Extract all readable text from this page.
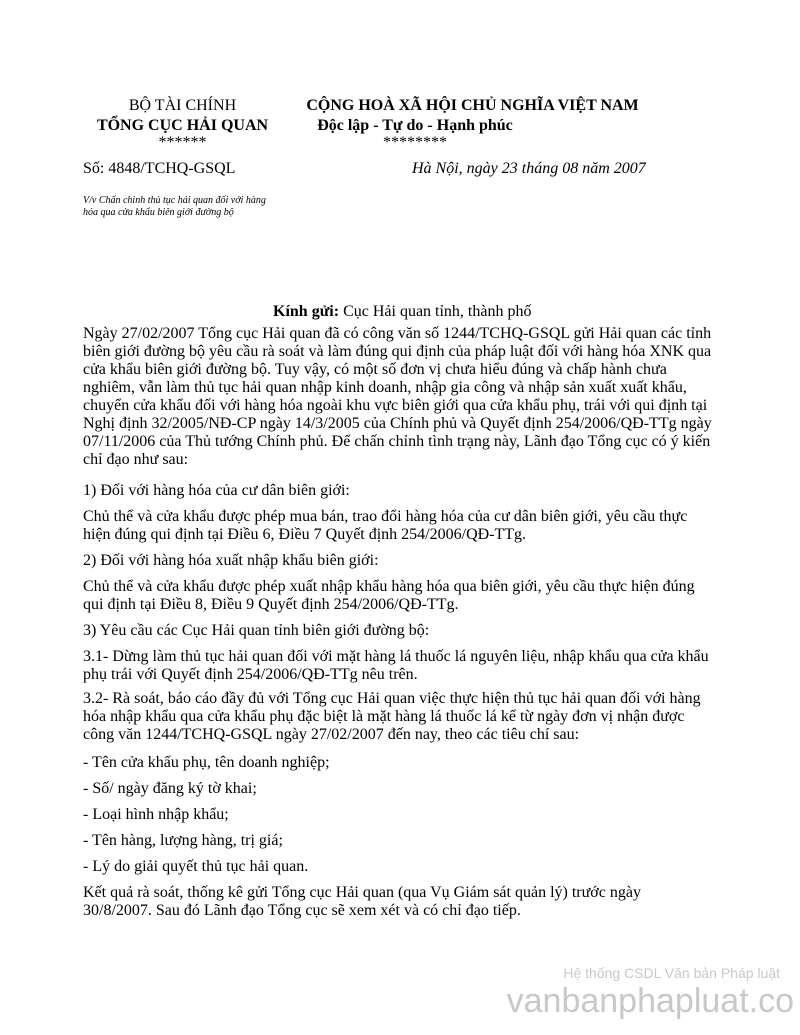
BỘ TÀI CHÍNH
TỔNG CỤC HẢI QUAN
******
Số: 4848/TCHQ-GSQL
V/v Chấn chỉnh thủ tục hải quan đối với hàng
hóa qua cửa khẩu biên giới đường bộ
CỘNG HOÀ XÃ HỘI CHỦ NGHĨA VIỆT NAM
Độc lập - Tự do - Hạnh phúc
********
Hà Nội, ngày 23 tháng 08 năm 2007
Kính gửi: Cục Hải quan tỉnh, thành phố

Ngày 27/02/2007 Tổng cục Hải quan đã có công văn số 1244/TCHQ-GSQL gửi Hải quan các tỉnh biên giới đường bộ yêu cầu rà soát và làm đúng qui định của pháp luật đối với hàng hóa XNK qua cửa khẩu biên giới đường bộ. Tuy vậy, có một số đơn vị chưa hiểu đúng và chấp hành chưa nghiêm, vẫn làm thủ tục hải quan nhập kinh doanh, nhập gia công và nhập sản xuất xuất khẩu, chuyển cửa khẩu đối với hàng hóa ngoài khu vực biên giới qua cửa khẩu phụ, trái với qui định tại Nghị định 32/2005/NĐ-CP ngày 14/3/2005 của Chính phủ và Quyết định 254/2006/QĐ-TTg ngày 07/11/2006 của Thủ tướng Chính phủ. Để chấn chỉnh tình trạng này, Lãnh đạo Tổng cục có ý kiến chỉ đạo như sau:

1) Đối với hàng hóa của cư dân biên giới:

Chủ thể và cửa khẩu được phép mua bán, trao đổi hàng hóa của cư dân biên giới, yêu cầu thực hiện đúng qui định tại Điều 6, Điều 7 Quyết định 254/2006/QĐ-TTg.

2) Đối với hàng hóa xuất nhập khẩu biên giới:

Chủ thể và cửa khẩu được phép xuất nhập khẩu hàng hóa qua biên giới, yêu cầu thực hiện đúng qui định tại Điều 8, Điều 9 Quyết định 254/2006/QĐ-TTg.

3) Yêu cầu các Cục Hải quan tỉnh biên giới đường bộ:

3.1- Dừng làm thủ tục hải quan đối với mặt hàng lá thuốc lá nguyên liệu, nhập khẩu qua cửa khẩu phụ trái với Quyết định 254/2006/QĐ-TTg nêu trên.

3.2- Rà soát, báo cáo đầy đủ với Tổng cục Hải quan việc thực hiện thủ tục hải quan đối với hàng hóa nhập khẩu qua cửa khẩu phụ đặc biệt là mặt hàng lá thuốc lá kể từ ngày đơn vị nhận được công văn 1244/TCHQ-GSQL ngày 27/02/2007 đến nay, theo các tiêu chí sau:

- Tên cửa khẩu phụ, tên doanh nghiệp;

- Số/ ngày đăng ký tờ khai;

- Loại hình nhập khẩu;

- Tên hàng, lượng hàng, trị giá;

- Lý do giải quyết thủ tục hải quan.

Kết quả rà soát, thống kê gửi Tổng cục Hải quan (qua Vụ Giám sát quản lý) trước ngày 30/8/2007. Sau đó Lãnh đạo Tổng cục sẽ xem xét và có chỉ đạo tiếp.

Hệ thống CSDL Văn bản Pháp luật
vanbanphapluat.co
